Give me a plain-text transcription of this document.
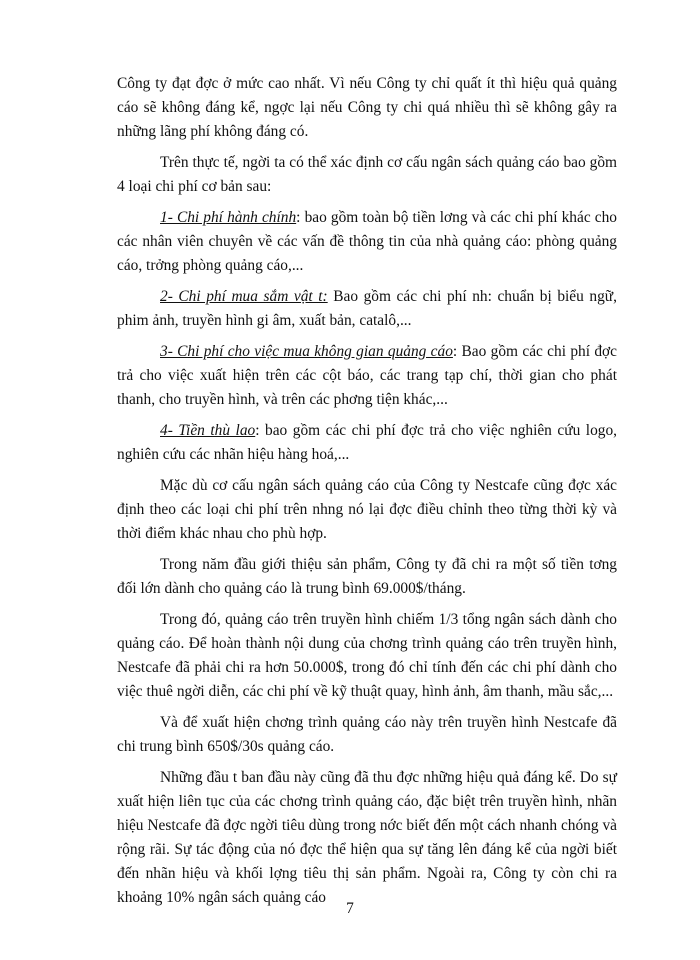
Công ty đạt đợc ở mức cao nhất. Vì nếu Công ty chỉ quất ít thì hiệu quả quảng cáo sẽ không đáng kể, ngợc lại nếu Công ty chi quá nhiều thì sẽ không gây ra những lãng phí không đáng có.

Trên thực tế, ngời ta có thể xác định cơ cấu ngân sách quảng cáo bao gồm 4 loại chi phí cơ bản sau:

1- Chi phí hành chính: bao gồm toàn bộ tiền lơng và các chi phí khác cho các nhân viên chuyên về các vấn đề thông tin của nhà quảng cáo: phòng quảng cáo, trởng phòng quảng cáo,...

2- Chi phí mua sắm vật t: Bao gồm các chi phí nh: chuẩn bị biểu ngữ, phim ảnh, truyền hình gi âm, xuất bản, catalô,...

3- Chi phí cho việc mua không gian quảng cáo: Bao gồm các chi phí đợc trả cho việc xuất hiện trên các cột báo, các trang tạp chí, thời gian cho phát thanh, cho truyền hình, và trên các phơng tiện khác,...

4- Tiền thù lao: bao gồm các chi phí đợc trả cho việc nghiên cứu logo, nghiên cứu các nhãn hiệu hàng hoá,...

Mặc dù cơ cấu ngân sách quảng cáo của Công ty Nestcafe cũng đợc xác định theo các loại chi phí trên nhng nó lại đợc điều chỉnh theo từng thời kỳ và thời điểm khác nhau cho phù hợp.

Trong năm đầu giới thiệu sản phẩm, Công ty đã chi ra một số tiền tơng đối lớn dành cho quảng cáo là trung bình 69.000$/tháng.

Trong đó, quảng cáo trên truyền hình chiếm 1/3 tổng ngân sách dành cho quảng cáo. Để hoàn thành nội dung của chơng trình quảng cáo trên truyền hình, Nestcafe đã phải chi ra hơn 50.000$, trong đó chỉ tính đến các chi phí dành cho việc thuê ngời diễn, các chi phí về kỹ thuật quay, hình ảnh, âm thanh, mầu sắc,...

Và để xuất hiện chơng trình quảng cáo này trên truyền hình Nestcafe đã chi trung bình 650$/30s quảng cáo.

Những đầu t ban đầu này cũng đã thu đợc những hiệu quả đáng kể. Do sự xuất hiện liên tục của các chơng trình quảng cáo, đặc biệt trên truyền hình, nhãn hiệu Nestcafe đã đợc ngời tiêu dùng trong nớc biết đến một cách nhanh chóng và rộng rãi. Sự tác động của nó đợc thể hiện qua sự tăng lên đáng kể của ngời biết đến nhãn hiệu và khối lợng tiêu thị sản phẩm. Ngoài ra, Công ty còn chi ra khoảng 10% ngân sách quảng cáo

7
